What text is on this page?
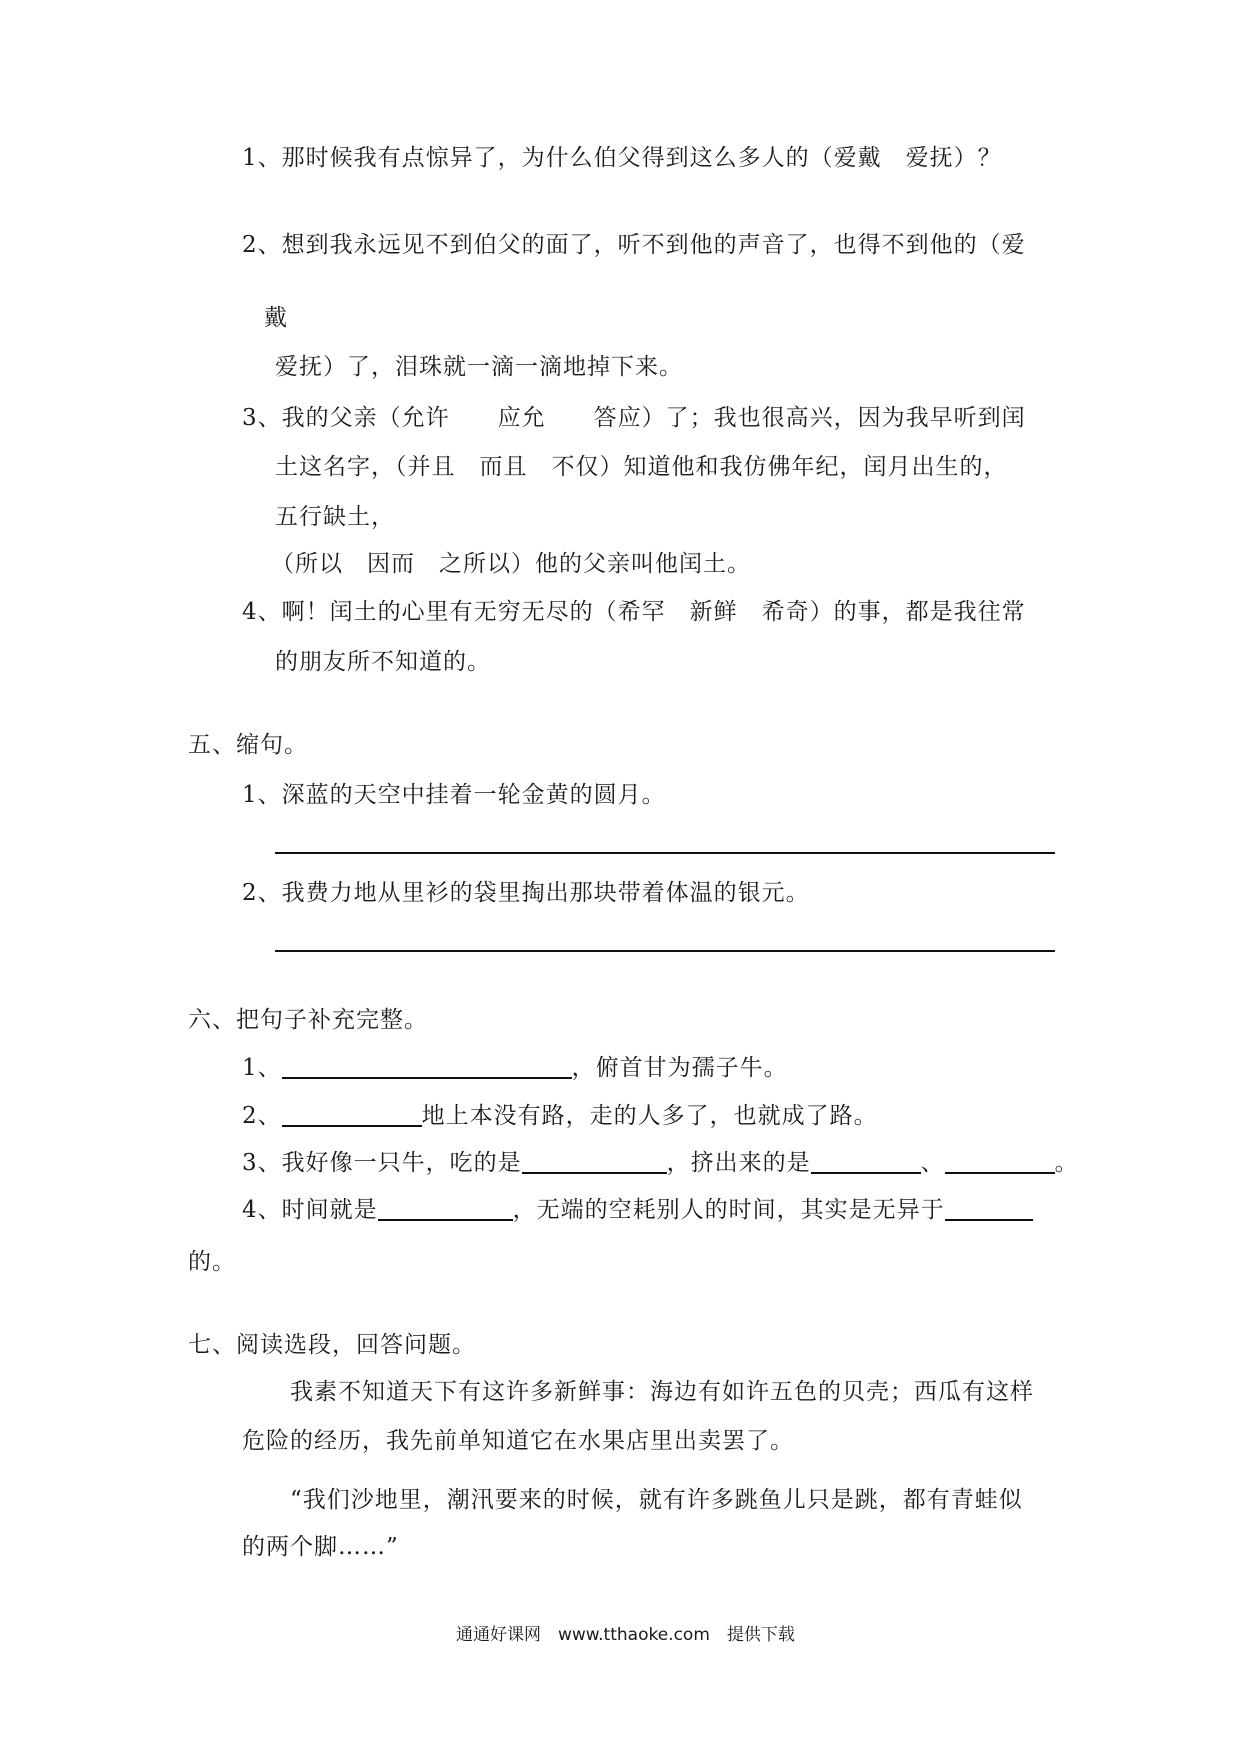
1、那时候我有点惊异了，为什么伯父得到这么多人的（爱戴　爱抚）？
2、想到我永远见不到伯父的面了，听不到他的声音了，也得不到他的（爱
戴
爱抚）了，泪珠就一滴一滴地掉下来。
3、我的父亲（允许　　应允　　答应）了；我也很高兴，因为我早听到闰
土这名字，（并且　而且　不仅）知道他和我仿佛年纪，闰月出生的，
五行缺土，
（所以　因而　之所以）他的父亲叫他闰土。
4、啊！闰土的心里有无穷无尽的（希罕　新鲜　希奇）的事，都是我往常
的朋友所不知道的。
五、缩句。
1、深蓝的天空中挂着一轮金黄的圆月。
2、我费力地从里衫的袋里掏出那块带着体温的银元。
六、把句子补充完整。
1、	，俯首甘为孺子牛。
2、	地上本没有路，走的人多了，也就成了路。
3、我好像一只牛，吃的是	，挤出来的是	、	。
4、时间就是	，无端的空耗别人的时间，其实是无异于
的。
七、阅读选段，回答问题。
我素不知道天下有这许多新鲜事：海边有如许五色的贝壳；西瓜有这样
危险的经历，我先前单知道它在水果店里出卖罢了。
“我们沙地里，潮汛要来的时候，就有许多跳鱼儿只是跳，都有青蛙似
的两个脚……”
通通好课网　www.tthaoke.com　提供下载
